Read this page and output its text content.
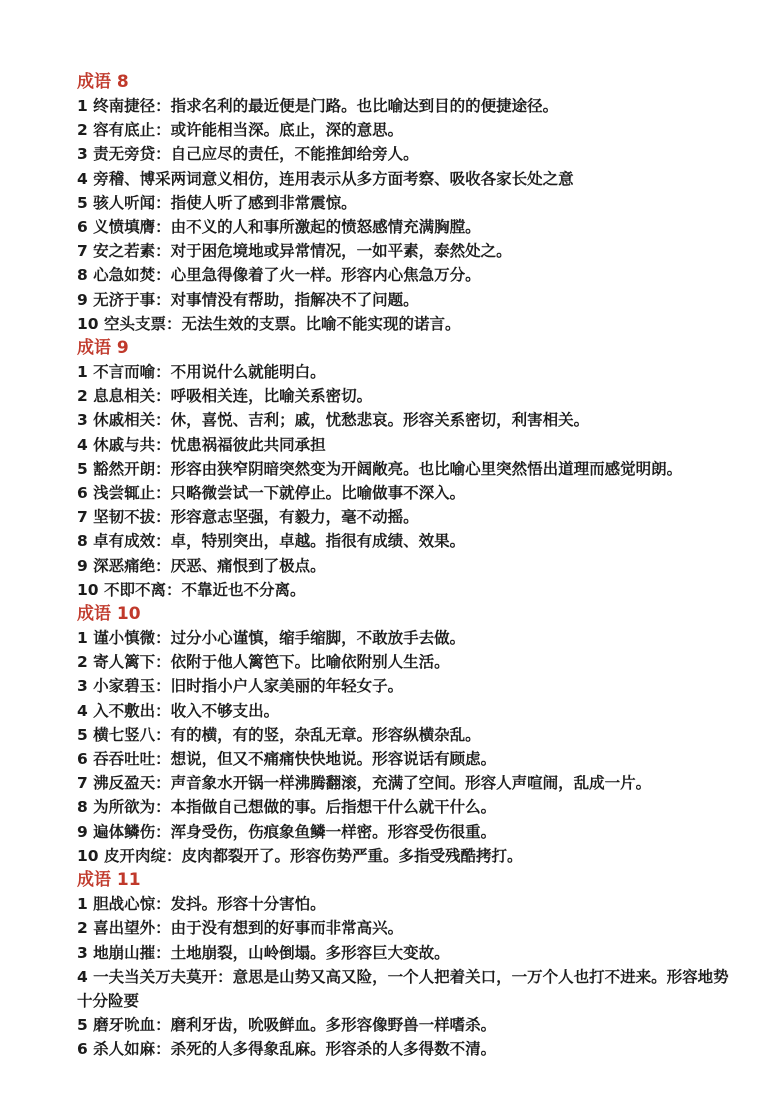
成语 8
1 终南捷径：指求名利的最近便是门路。也比喻达到目的的便捷途径。
2 容有底止：或许能相当深。底止，深的意思。
3 责无旁贷：自己应尽的责任，不能推卸给旁人。
4 旁稽、博采两词意义相仿，连用表示从多方面考察、吸收各家长处之意
5 骇人听闻：指使人听了感到非常震惊。
6 义愤填膺：由不义的人和事所激起的愤怒感情充满胸膛。
7 安之若素：对于困危境地或异常情况，一如平素，泰然处之。
8 心急如焚：心里急得像着了火一样。形容内心焦急万分。
9 无济于事：对事情没有帮助，指解决不了问题。
10 空头支票：无法生效的支票。比喻不能实现的诺言。
成语 9
1 不言而喻：不用说什么就能明白。
2 息息相关：呼吸相关连，比喻关系密切。
3 休戚相关：休，喜悦、吉利；戚，忧愁悲哀。形容关系密切，利害相关。
4 休戚与共：忧患祸福彼此共同承担
5 豁然开朗：形容由狭窄阴暗突然变为开阔敞亮。也比喻心里突然悟出道理而感觉明朗。
6 浅尝辄止：只略微尝试一下就停止。比喻做事不深入。
7 坚韧不拔：形容意志坚强，有毅力，毫不动摇。
8 卓有成效：卓，特别突出，卓越。指很有成绩、效果。
9 深恶痛绝：厌恶、痛恨到了极点。
10 不即不离：不靠近也不分离。
成语 10
1 谨小慎微：过分小心谨慎，缩手缩脚，不敢放手去做。
2 寄人篱下：依附于他人篱笆下。比喻依附别人生活。
3 小家碧玉：旧时指小户人家美丽的年轻女子。
4 入不敷出：收入不够支出。
5 横七竖八：有的横，有的竖，杂乱无章。形容纵横杂乱。
6 吞吞吐吐：想说，但又不痛痛快快地说。形容说话有顾虑。
7 沸反盈天：声音象水开锅一样沸腾翻滚，充满了空间。形容人声喧闹，乱成一片。
8 为所欲为：本指做自己想做的事。后指想干什么就干什么。
9 遍体鳞伤：浑身受伤，伤痕象鱼鳞一样密。形容受伤很重。
10 皮开肉绽：皮肉都裂开了。形容伤势严重。多指受残酷拷打。
成语 11
1 胆战心惊：发抖。形容十分害怕。
2 喜出望外：由于没有想到的好事而非常高兴。
3 地崩山摧：土地崩裂，山岭倒塌。多形容巨大变故。
4 一夫当关万夫莫开：意思是山势又高又险，一个人把着关口，一万个人也打不进来。形容地势十分险要
5 磨牙吮血：磨利牙齿，吮吸鲜血。多形容像野兽一样嗜杀。
6 杀人如麻：杀死的人多得象乱麻。形容杀的人多得数不清。
